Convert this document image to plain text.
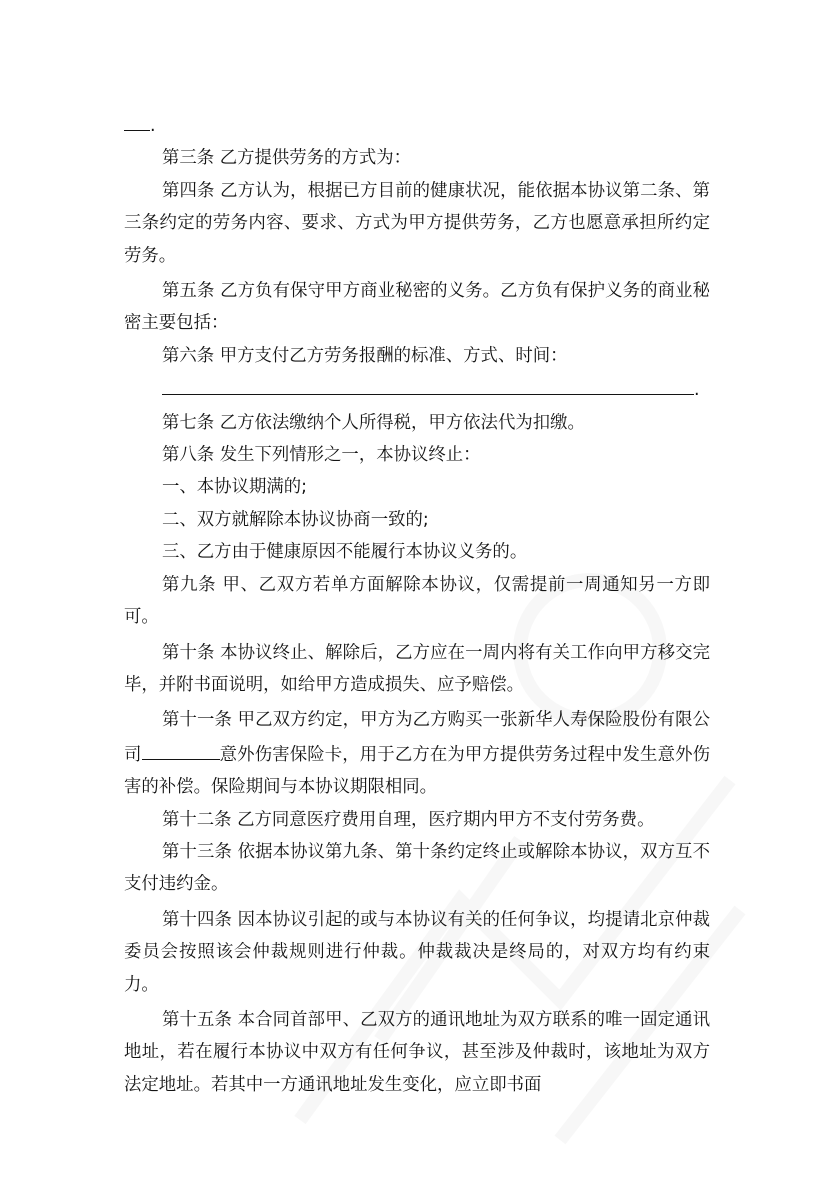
.

第三条 乙方提供劳务的方式为：

第四条 乙方认为，根据已方目前的健康状况，能依据本协议第二条、第三条约定的劳务内容、要求、方式为甲方提供劳务，乙方也愿意承担所约定劳务。

第五条 乙方负有保守甲方商业秘密的义务。乙方负有保护义务的商业秘密主要包括：

第六条 甲方支付乙方劳务报酬的标准、方式、时间：

.

第七条 乙方依法缴纳个人所得税，甲方依法代为扣缴。

第八条 发生下列情形之一，本协议终止：

一、本协议期满的;

二、双方就解除本协议协商一致的;

三、乙方由于健康原因不能履行本协议义务的。

第九条 甲、乙双方若单方面解除本协议，仅需提前一周通知另一方即可。

第十条 本协议终止、解除后，乙方应在一周内将有关工作向甲方移交完毕，并附书面说明，如给甲方造成损失、应予赔偿。

第十一条 甲乙双方约定，甲方为乙方购买一张新华人寿保险股份有限公司	意外伤害保险卡，用于乙方在为甲方提供劳务过程中发生意外伤害的补偿。保险期间与本协议期限相同。

第十二条 乙方同意医疗费用自理，医疗期内甲方不支付劳务费。

第十三条 依据本协议第九条、第十条约定终止或解除本协议，双方互不支付违约金。

第十四条 因本协议引起的或与本协议有关的任何争议，均提请北京仲裁委员会按照该会仲裁规则进行仲裁。仲裁裁决是终局的，对双方均有约束力。

第十五条 本合同首部甲、乙双方的通讯地址为双方联系的唯一固定通讯地址，若在履行本协议中双方有任何争议，甚至涉及仲裁时，该地址为双方法定地址。若其中一方通讯地址发生变化，应立即书面
